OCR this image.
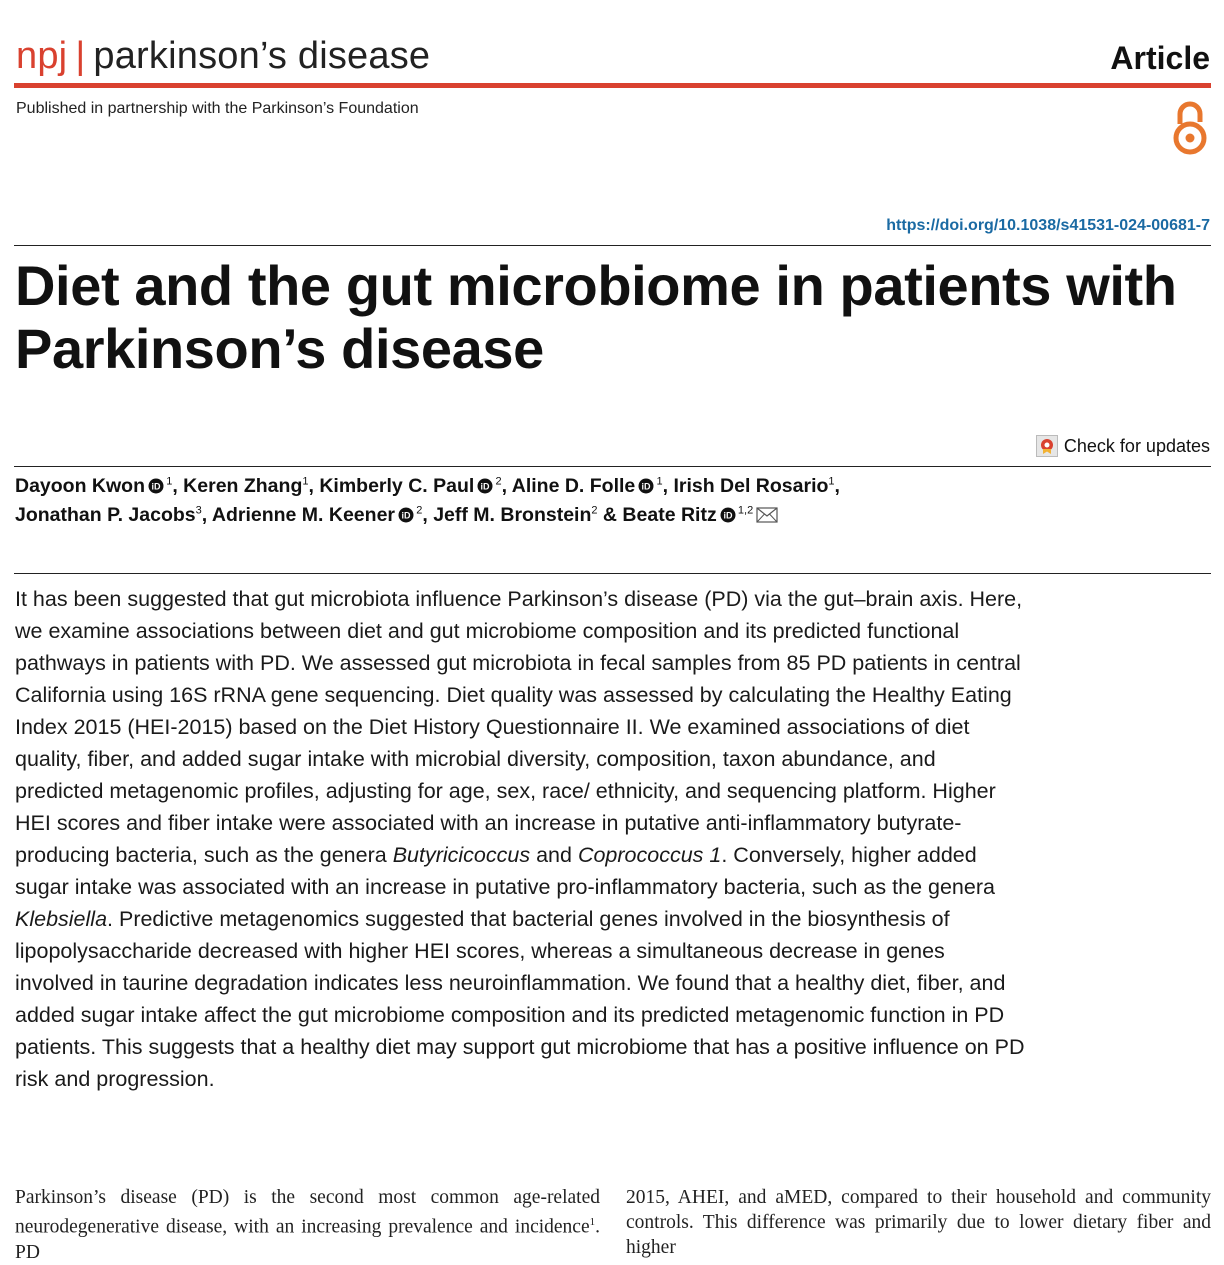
npj | parkinson’s disease	Article
Published in partnership with the Parkinson’s Foundation
https://doi.org/10.1038/s41531-024-00681-7
Diet and the gut microbiome in patients with Parkinson’s disease
Check for updates
Dayoon Kwon iD  $^1$, Keren Zhang$^1$, Kimberly C. Paul iD  $^2$, Aline D. Folle iD  $^1$, Irish Del Rosario$^1$,
Jonathan P. Jacobs$^3$, Adrienne M. Keener iD  $^2$, Jeff M. Bronstein$^2$ & Beate Ritz iD  $^{1,2}$

It has been suggested that gut microbiota influence Parkinson’s disease (PD) via the gut–brain axis. Here, we examine associations between diet and gut microbiome composition and its predicted functional pathways in patients with PD. We assessed gut microbiota in fecal samples from 85 PD patients in central California using 16S rRNA gene sequencing. Diet quality was assessed by calculating the Healthy Eating Index 2015 (HEI-2015) based on the Diet History Questionnaire II. We examined associations of diet quality, fiber, and added sugar intake with microbial diversity, composition, taxon abundance, and predicted metagenomic profiles, adjusting for age, sex, race/ ethnicity, and sequencing platform. Higher HEI scores and fiber intake were associated with an increase in putative anti-inflammatory butyrate-producing bacteria, such as the genera Butyricicoccus and Coprococcus 1. Conversely, higher added sugar intake was associated with an increase in putative pro-inflammatory bacteria, such as the genera Klebsiella. Predictive metagenomics suggested that bacterial genes involved in the biosynthesis of lipopolysaccharide decreased with higher HEI scores, whereas a simultaneous decrease in genes involved in taurine degradation indicates less neuroinflammation. We found that a healthy diet, fiber, and added sugar intake affect the gut microbiome composition and its predicted metagenomic function in PD patients. This suggests that a healthy diet may support gut microbiome that has a positive influence on PD risk and progression.

Parkinson’s disease (PD) is the second most common age-related neurodegenerative disease, with an increasing prevalence and incidence$^1$. PD
2015, AHEI, and aMED, compared to their household and community controls. This difference was primarily due to lower dietary fiber and higher
